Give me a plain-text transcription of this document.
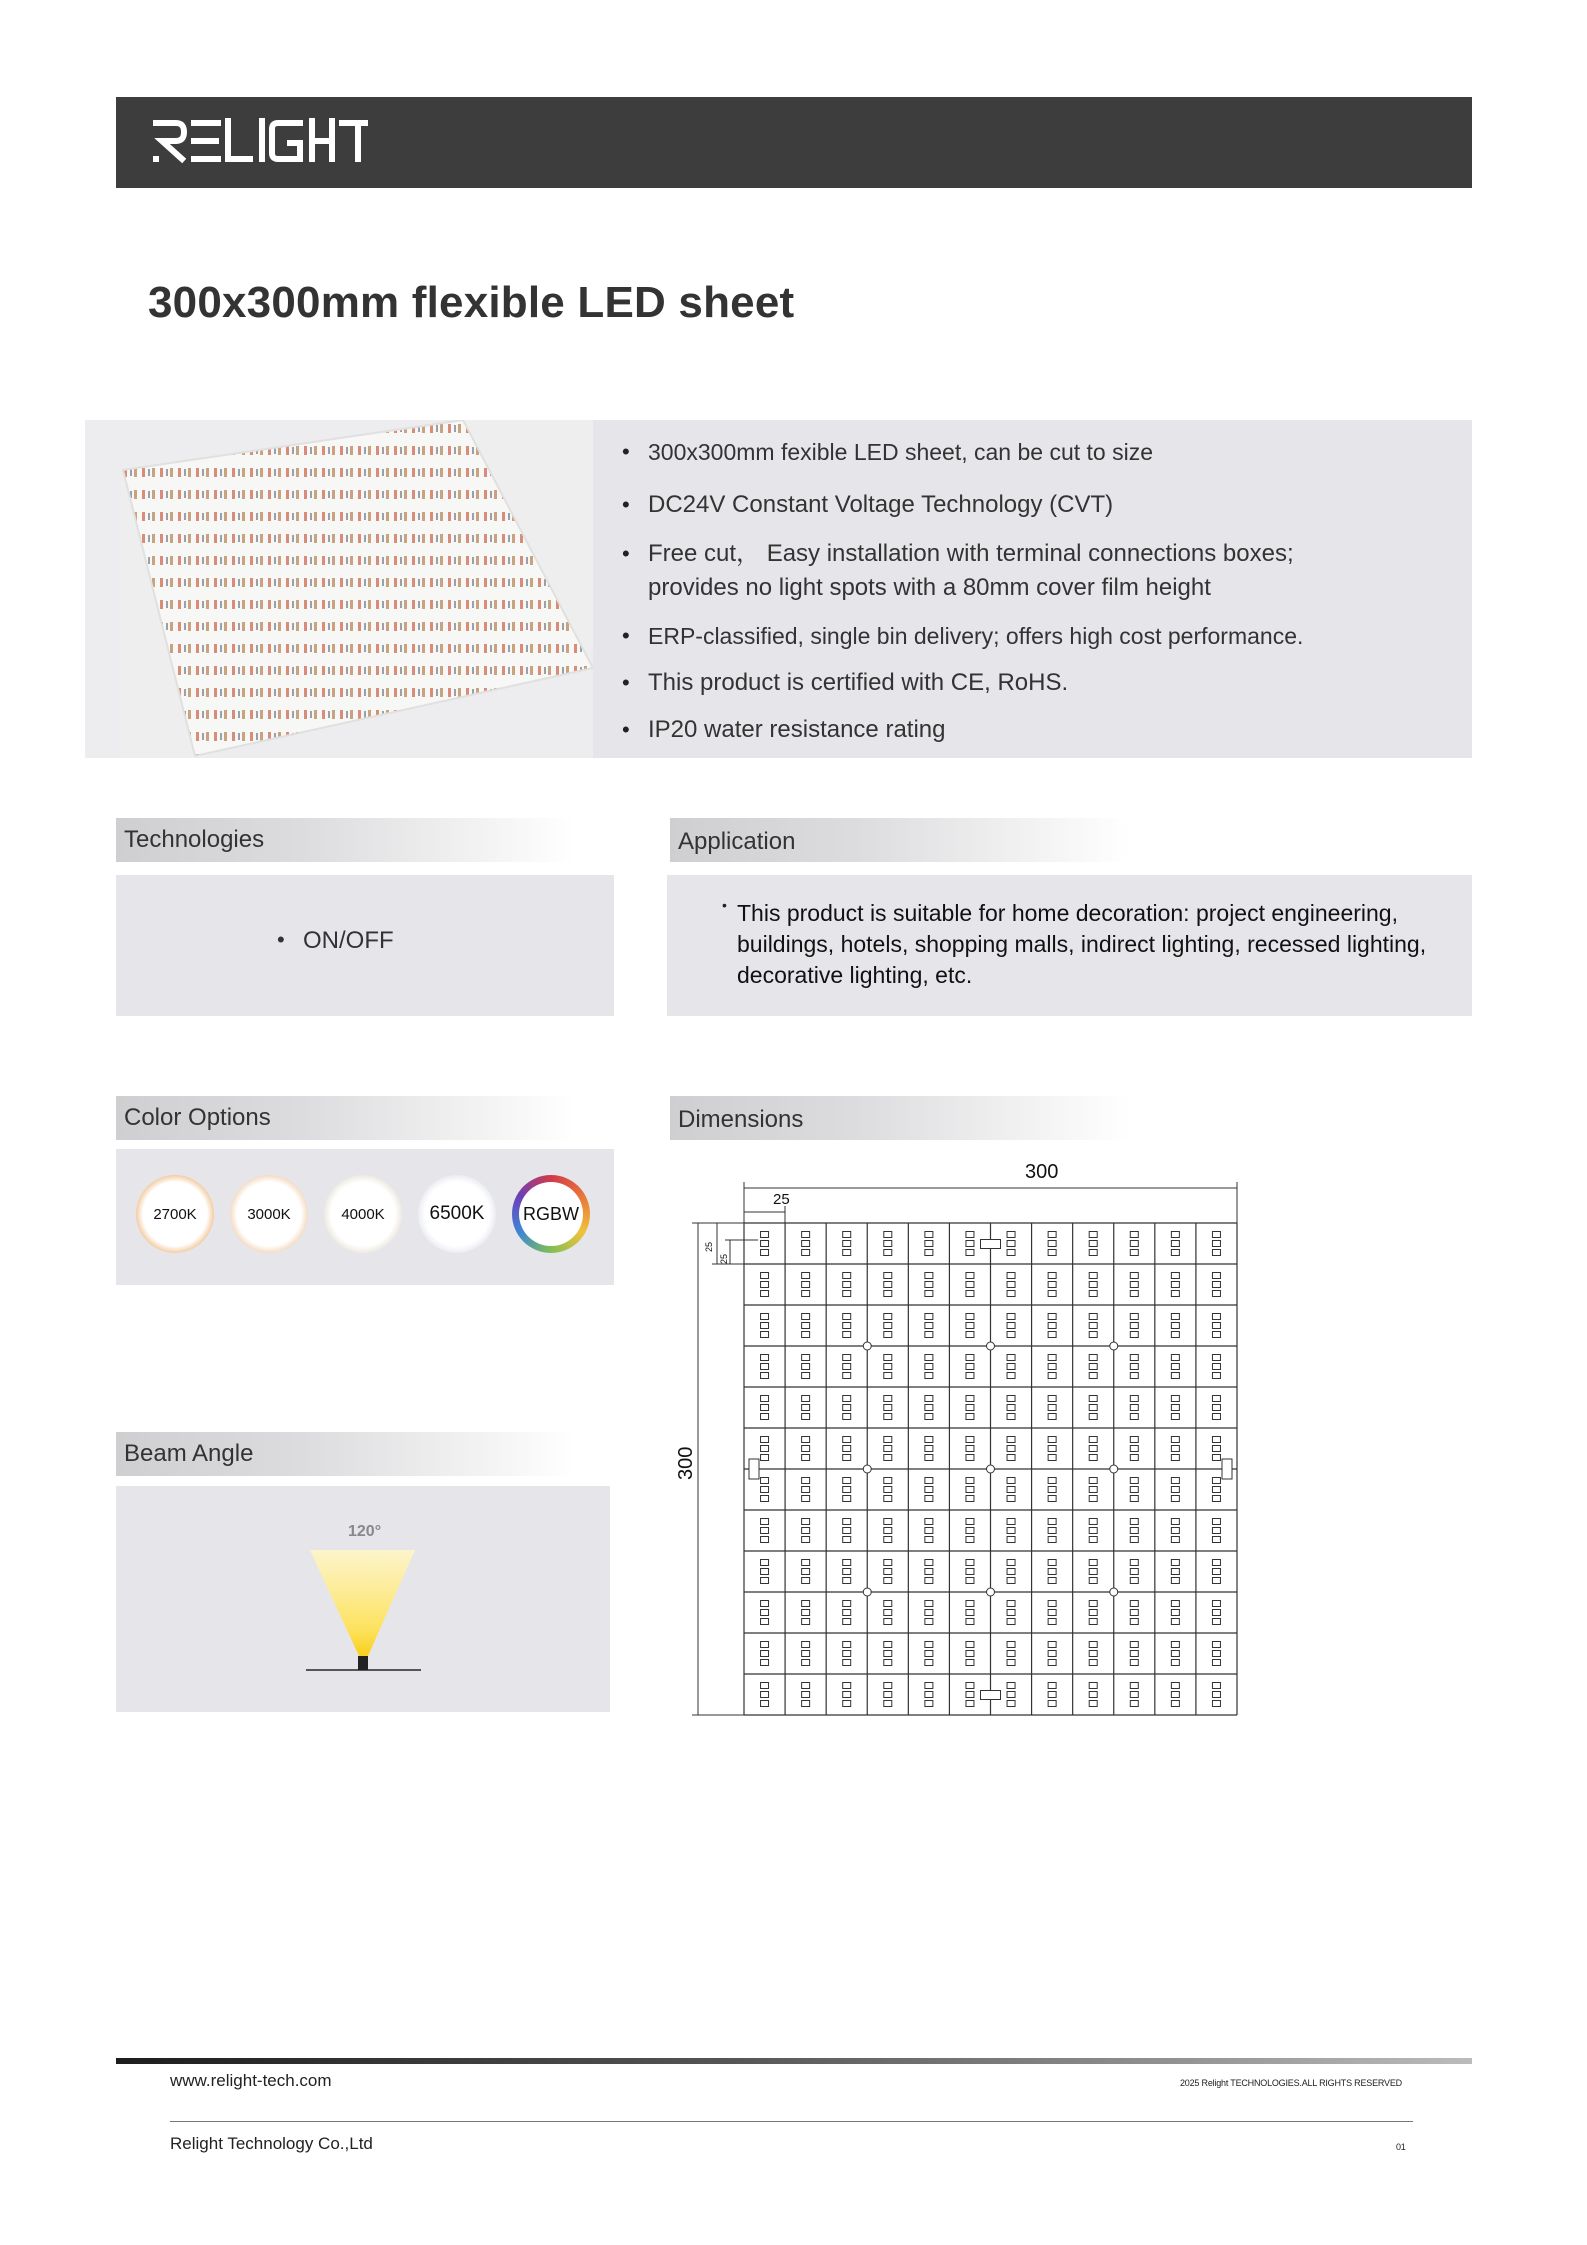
300x300mm flexible LED sheet
• 300x300mm fexible LED sheet, can be cut to size
• DC24V Constant Voltage Technology (CVT)
• Free cut， Easy installation with terminal connections boxes;
provides no light spots with a 80mm cover film height
• ERP-classified, single bin delivery; offers high cost performance.
• This product is certified with CE, RoHS.
• IP20 water resistance rating
Technologies
• ON/OFF
Application
• This product is suitable for home decoration: project engineering,
buildings, hotels, shopping malls, indirect lighting, recessed lighting,
decorative lighting, etc.
Color Options
2700K	3000K	4000K	6500K RGBW
Dimensions
300
25
300
25
25
Beam Angle
120°
www.relight-tech.com	2025 Relight TECHNOLOGIES.ALL RIGHTS RESERVED
Relight Technology Co.,Ltd	01
